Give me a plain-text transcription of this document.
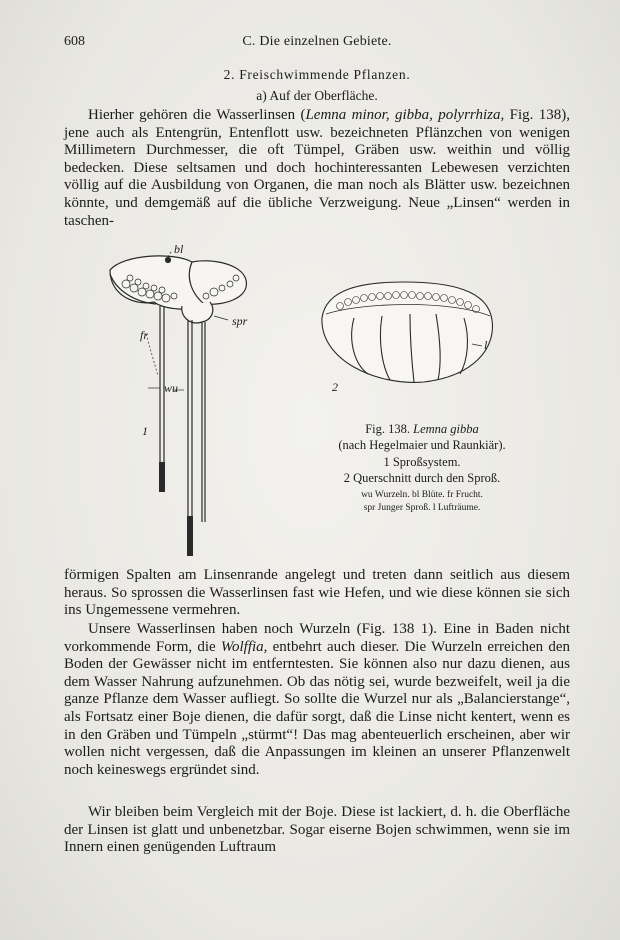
608	C. Die einzelnen Gebiete.
2. Freischwimmende Pflanzen.
a) Auf der Oberfläche.
Hierher gehören die Wasserlinsen (Lemna minor, gibba, polyrrhiza, Fig. 138), jene auch als Entengrün, Entenflott usw. bezeichneten Pflänzchen von wenigen Millimetern Durchmesser, die oft Tümpel, Gräben usw. weithin und völlig bedecken. Diese seltsamen und doch hochinteressanten Lebewesen verzichten völlig auf die Ausbildung von Organen, die man noch als Blätter usw. bezeichnen könnte, und demgemäß auf die übliche Verzweigung. Neue „Linsen“ werden in taschen-
bl
fr
wu
spr
l
1
2
Fig. 138. Lemna gibba
(nach Hegelmaier und Raunkiär).
1 Sproßsystem.
2 Querschnitt durch den Sproß.
wu Wurzeln. bl Blüte. fr Frucht.
spr Junger Sproß. l Lufträume.
förmigen Spalten am Linsenrande angelegt und treten dann seitlich aus diesem heraus. So sprossen die Wasserlinsen fast wie Hefen, und wie diese können sie sich ins Ungemessene vermehren.
Unsere Wasserlinsen haben noch Wurzeln (Fig. 138 1). Eine in Baden nicht vorkommende Form, die Wolffia, entbehrt auch dieser. Die Wurzeln erreichen den Boden der Gewässer nicht im entferntesten. Sie können also nur dazu dienen, aus dem Wasser Nahrung aufzunehmen. Ob das nötig sei, wurde bezweifelt, weil ja die ganze Pflanze dem Wasser aufliegt. So sollte die Wurzel nur als „Balancierstange“, als Fortsatz einer Boje dienen, die dafür sorgt, daß die Linse nicht kentert, wenn es in den Gräben und Tümpeln „stürmt“! Das mag abenteuerlich erscheinen, aber wir wollen nicht vergessen, daß die Anpassungen im kleinen an unserer Pflanzenwelt noch keineswegs ergründet sind.
Wir bleiben beim Vergleich mit der Boje. Diese ist lackiert, d. h. die Oberfläche der Linsen ist glatt und unbenetzbar. Sogar eiserne Bojen schwimmen, wenn sie im Innern einen genügenden Luftraum
